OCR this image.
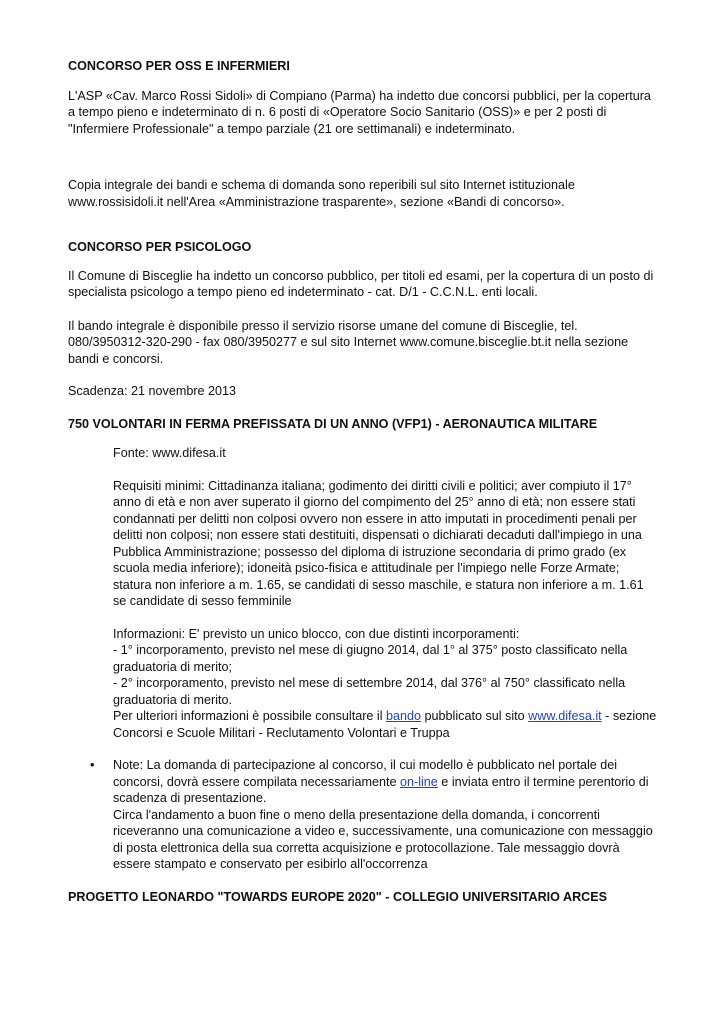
CONCORSO PER OSS E INFERMIERI

L'ASP «Cav. Marco Rossi Sidoli» di Compiano (Parma) ha indetto due concorsi pubblici, per la copertura a tempo pieno e indeterminato di n. 6 posti di «Operatore Socio Sanitario (OSS)» e per 2 posti di "Infermiere Professionale" a tempo parziale (21 ore settimanali) e indeterminato.

Copia integrale dei bandi e schema di domanda sono reperibili sul sito Internet istituzionale www.rossisidoli.it nell'Area «Amministrazione trasparente», sezione «Bandi di concorso».

CONCORSO PER PSICOLOGO

Il Comune di Bisceglie ha indetto un concorso pubblico, per titoli ed esami, per la copertura di un posto di specialista psicologo a tempo pieno ed indeterminato - cat. D/1 - C.C.N.L. enti locali.

Il bando integrale è disponibile presso il servizio risorse umane del comune di Bisceglie, tel. 080/3950312-320-290 - fax 080/3950277 e sul sito Internet www.comune.bisceglie.bt.it nella sezione bandi e concorsi.

Scadenza: 21 novembre 2013

750 VOLONTARI IN FERMA PREFISSATA DI UN ANNO (VFP1) - AERONAUTICA MILITARE

Fonte: www.difesa.it

Requisiti minimi: Cittadinanza italiana; godimento dei diritti civili e politici; aver compiuto il 17° anno di età e non aver superato il giorno del compimento del 25° anno di età; non essere stati condannati per delitti non colposi ovvero non essere in atto imputati in procedimenti penali per delitti non colposi; non essere stati destituiti, dispensati o dichiarati decaduti dall'impiego in una Pubblica Amministrazione; possesso del diploma di istruzione secondaria di primo grado (ex scuola media inferiore); idoneità psico-fisica e attitudinale per l'impiego nelle Forze Armate; statura non inferiore a m. 1.65, se candidati di sesso maschile, e statura non inferiore a m. 1.61 se candidate di sesso femminile

Informazioni: E' previsto un unico blocco, con due distinti incorporamenti:

- 1° incorporamento, previsto nel mese di giugno 2014, dal 1° al 375° posto classificato nella graduatoria di merito;

- 2° incorporamento, previsto nel mese di settembre 2014, dal 376° al 750° classificato nella graduatoria di merito.

Per ulteriori informazioni è possibile consultare il bando pubblicato sul sito www.difesa.it - sezione Concorsi e Scuole Militari - Reclutamento Volontari e Truppa

• Note: La domanda di partecipazione al concorso, il cui modello è pubblicato nel portale dei concorsi, dovrà essere compilata necessariamente on-line e inviata entro il termine perentorio di scadenza di presentazione.

Circa l'andamento a buon fine o meno della presentazione della domanda, i concorrenti riceveranno una comunicazione a video e, successivamente, una comunicazione con messaggio di posta elettronica della sua corretta acquisizione e protocollazione. Tale messaggio dovrà essere stampato e conservato per esibirlo all'occorrenza

PROGETTO LEONARDO "TOWARDS EUROPE 2020" - COLLEGIO UNIVERSITARIO ARCES
